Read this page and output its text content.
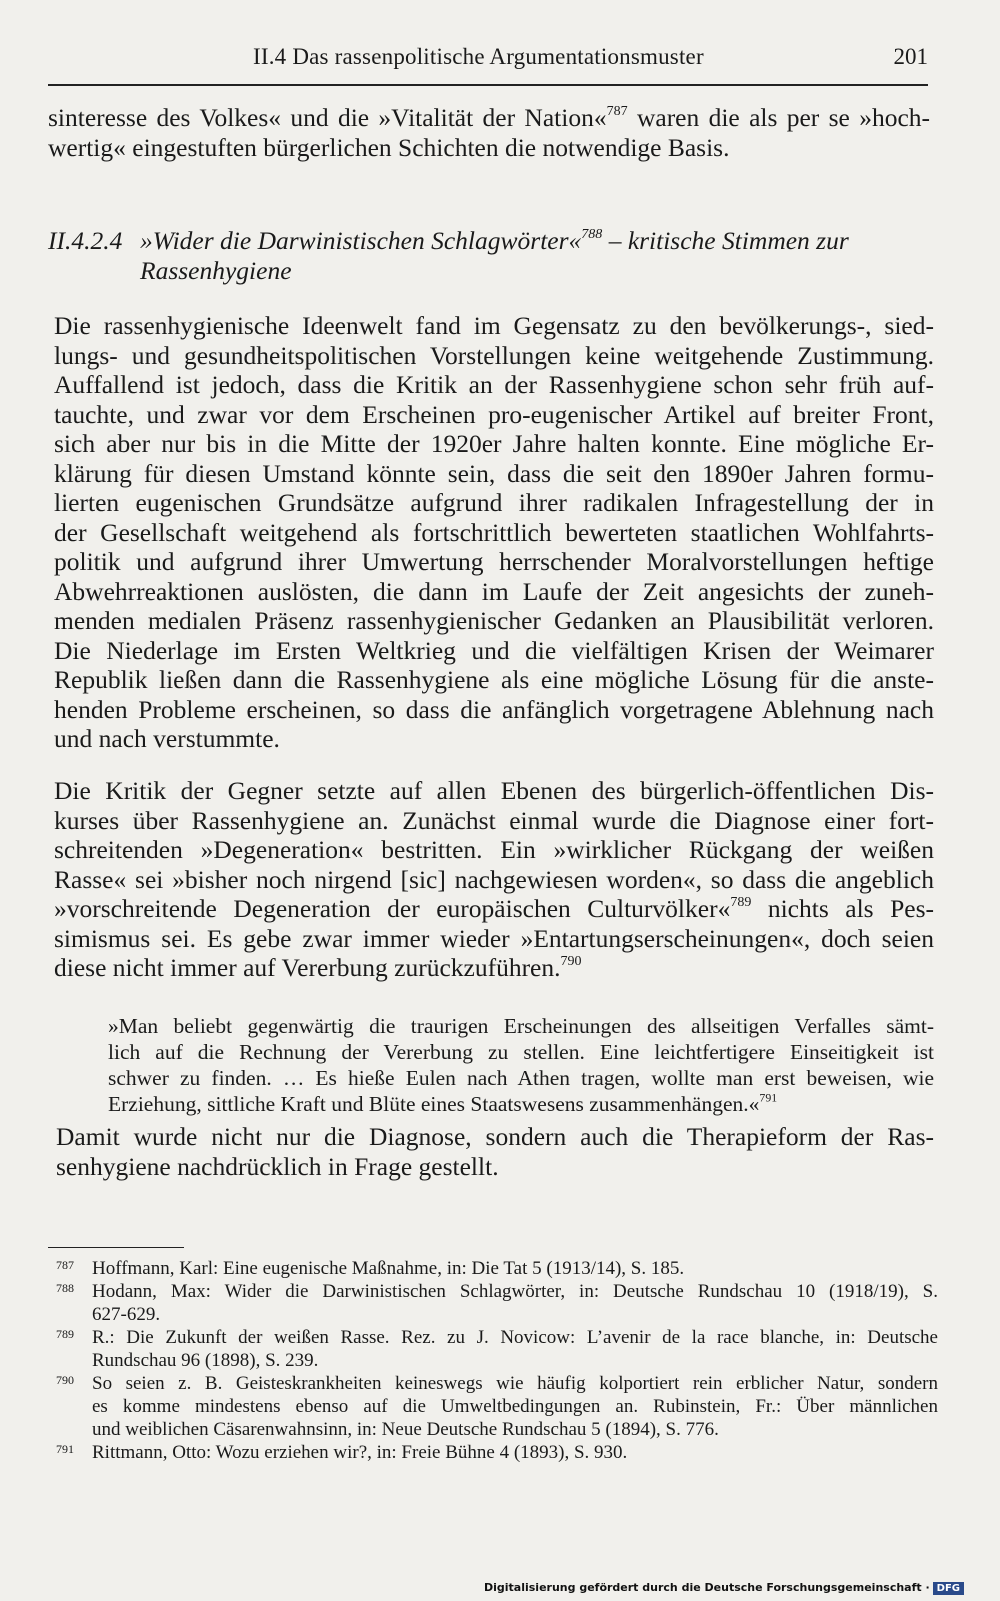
II.4 Das rassenpolitische Argumentationsmuster	201
sinteresse des Volkes« und die »Vitalität der Nation«$^{787}$ waren die als per se »hoch-
wertig« eingestuften bürgerlichen Schichten die notwendige Basis.
II.4.2.4 »Wider die Darwinistischen Schlagwörter«$^{788}$ – kritische Stimmen zur
Rassenhygiene
Die rassenhygienische Ideenwelt fand im Gegensatz zu den bevölkerungs-, sied-
lungs- und gesundheitspolitischen Vorstellungen keine weitgehende Zustimmung.
Auffallend ist jedoch, dass die Kritik an der Rassenhygiene schon sehr früh auf-
tauchte, und zwar vor dem Erscheinen pro-eugenischer Artikel auf breiter Front,
sich aber nur bis in die Mitte der 1920er Jahre halten konnte. Eine mögliche Er-
klärung für diesen Umstand könnte sein, dass die seit den 1890er Jahren formu-
lierten eugenischen Grundsätze aufgrund ihrer radikalen Infragestellung der in
der Gesellschaft weitgehend als fortschrittlich bewerteten staatlichen Wohlfahrts-
politik und aufgrund ihrer Umwertung herrschender Moralvorstellungen heftige
Abwehrreaktionen auslösten, die dann im Laufe der Zeit angesichts der zuneh-
menden medialen Präsenz rassenhygienischer Gedanken an Plausibilität verloren.
Die Niederlage im Ersten Weltkrieg und die vielfältigen Krisen der Weimarer
Republik ließen dann die Rassenhygiene als eine mögliche Lösung für die anste-
henden Probleme erscheinen, so dass die anfänglich vorgetragene Ablehnung nach
und nach verstummte.
Die Kritik der Gegner setzte auf allen Ebenen des bürgerlich-öffentlichen Dis-
kurses über Rassenhygiene an. Zunächst einmal wurde die Diagnose einer fort-
schreitenden »Degeneration« bestritten. Ein »wirklicher Rückgang der weißen
Rasse« sei »bisher noch nirgend [sic] nachgewiesen worden«, so dass die angeblich
»vorschreitende Degeneration der europäischen Culturvölker«$^{789}$ nichts als Pes-
simismus sei. Es gebe zwar immer wieder »Entartungserscheinungen«, doch seien
diese nicht immer auf Vererbung zurückzuführen.$^{790}$
»Man beliebt gegenwärtig die traurigen Erscheinungen des allseitigen Verfalles sämt-
lich auf die Rechnung der Vererbung zu stellen. Eine leichtfertigere Einseitigkeit ist
schwer zu finden. … Es hieße Eulen nach Athen tragen, wollte man erst beweisen, wie
Erziehung, sittliche Kraft und Blüte eines Staatswesens zusammenhängen.«$^{791}$
Damit wurde nicht nur die Diagnose, sondern auch die Therapieform der Ras-
senhygiene nachdrücklich in Frage gestellt.
787 Hoffmann, Karl: Eine eugenische Maßnahme, in: Die Tat 5 (1913/14), S. 185.
788 Hodann, Max: Wider die Darwinistischen Schlagwörter, in: Deutsche Rundschau 10 (1918/19), S.
627-629.
789 R.: Die Zukunft der weißen Rasse. Rez. zu J. Novicow: L’avenir de la race blanche, in: Deutsche
Rundschau 96 (1898), S. 239.
790 So seien z. B. Geisteskrankheiten keineswegs wie häufig kolportiert rein erblicher Natur, sondern
es komme mindestens ebenso auf die Umweltbedingungen an. Rubinstein, Fr.: Über männlichen
und weiblichen Cäsarenwahnsinn, in: Neue Deutsche Rundschau 5 (1894), S. 776.
791 Rittmann, Otto: Wozu erziehen wir?, in: Freie Bühne 4 (1893), S. 930.
Digitalisierung gefördert durch die Deutsche Forschungsgemeinschaft · DFG
